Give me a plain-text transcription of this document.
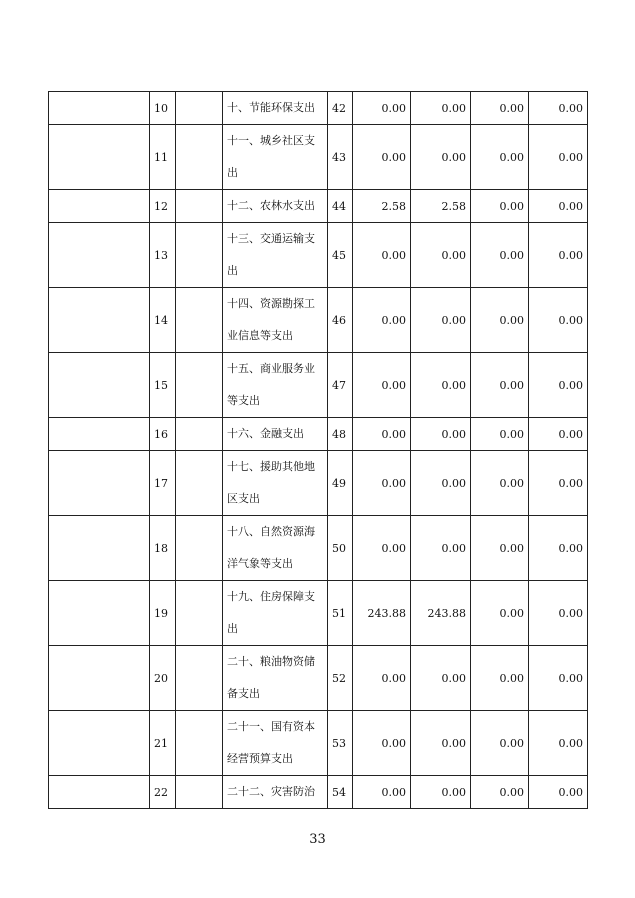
	10		十、节能环保支出	42	0.00	0.00	0.00	0.00
	11		十一、城乡社区支出	43	0.00	0.00	0.00	0.00
	12		十二、农林水支出	44	2.58	2.58	0.00	0.00
	13		十三、交通运输支出	45	0.00	0.00	0.00	0.00
	14		十四、资源勘探工业信息等支出	46	0.00	0.00	0.00	0.00
	15		十五、商业服务业等支出	47	0.00	0.00	0.00	0.00
	16		十六、金融支出	48	0.00	0.00	0.00	0.00
	17		十七、援助其他地区支出	49	0.00	0.00	0.00	0.00
	18		十八、自然资源海洋气象等支出	50	0.00	0.00	0.00	0.00
	19		十九、住房保障支出	51	243.88	243.88	0.00	0.00
	20		二十、粮油物资储备支出	52	0.00	0.00	0.00	0.00
	21		二十一、国有资本经营预算支出	53	0.00	0.00	0.00	0.00
	22		二十二、灾害防治	54	0.00	0.00	0.00	0.00
33
